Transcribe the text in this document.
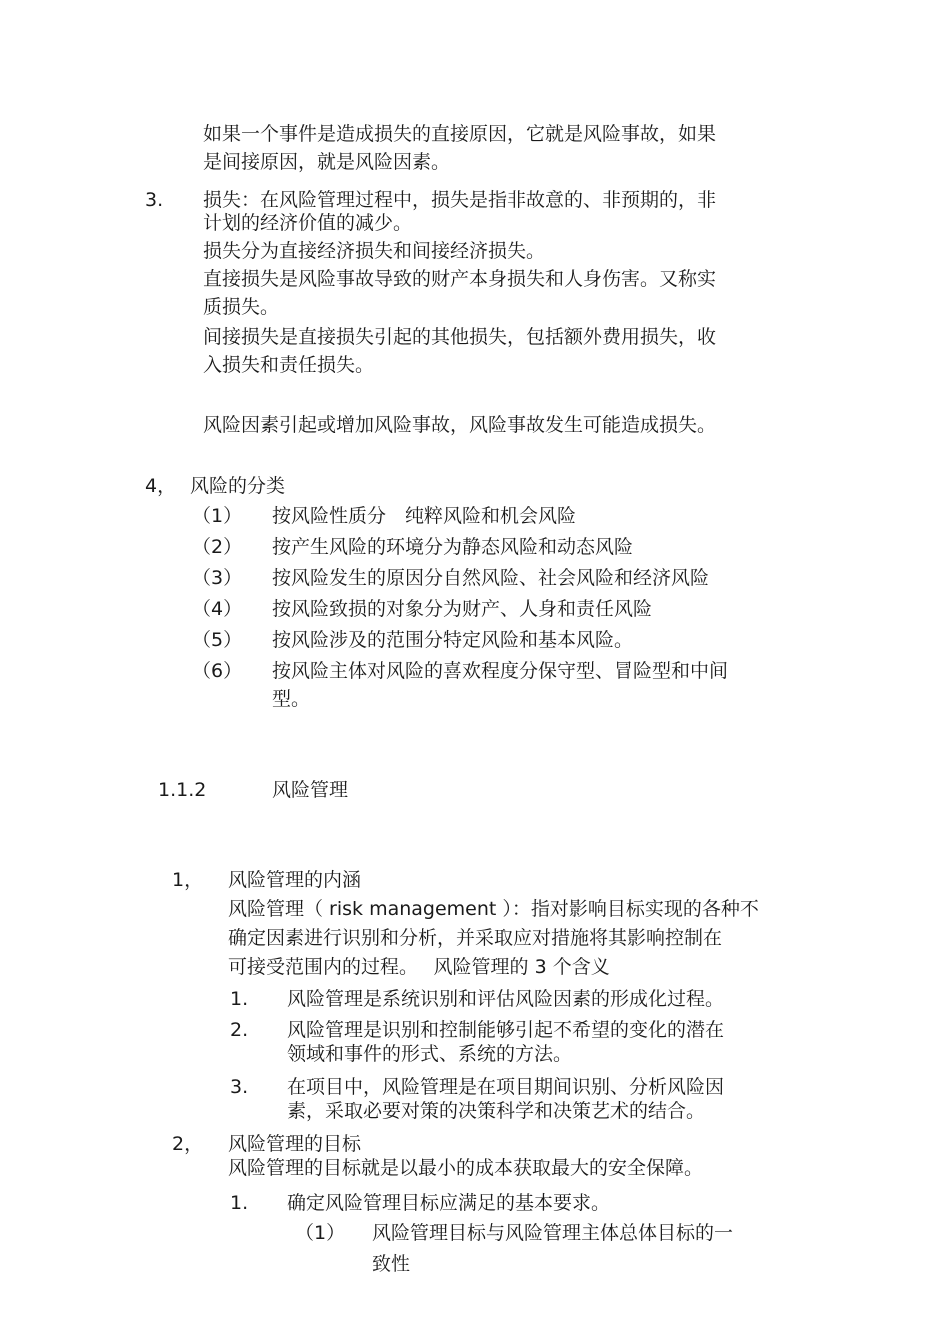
如果一个事件是造成损失的直接原因，它就是风险事故，如果
是间接原因，就是风险因素。
3. 损失：在风险管理过程中，损失是指非故意的、非预期的，非
计划的经济价值的减少。
损失分为直接经济损失和间接经济损失。
直接损失是风险事故导致的财产本身损失和人身伤害。又称实
质损失。
间接损失是直接损失引起的其他损失，包括额外费用损失，收
入损失和责任损失。
风险因素引起或增加风险事故，风险事故发生可能造成损失。
4， 风险的分类
（1） 按风险性质分　纯粹风险和机会风险
（2） 按产生风险的环境分为静态风险和动态风险
（3） 按风险发生的原因分自然风险、社会风险和经济风险
（4） 按风险致损的对象分为财产、人身和责任风险
（5） 按风险涉及的范围分特定风险和基本风险。
（6） 按风险主体对风险的喜欢程度分保守型、冒险型和中间
型。
1.1.2	风险管理
1， 风险管理的内涵
风险管理（ risk management ）：指对影响目标实现的各种不
确定因素进行识别和分析，并采取应对措施将其影响控制在
可接受范围内的过程。　 风险管理的 3 个含义
1. 风险管理是系统识别和评估风险因素的形成化过程。
2. 风险管理是识别和控制能够引起不希望的变化的潜在
领域和事件的形式、系统的方法。
3. 在项目中，风险管理是在项目期间识别、分析风险因
素，采取必要对策的决策科学和决策艺术的结合。
2， 风险管理的目标
风险管理的目标就是以最小的成本获取最大的安全保障。
1. 确定风险管理目标应满足的基本要求。
（1） 风险管理目标与风险管理主体总体目标的一
致性
